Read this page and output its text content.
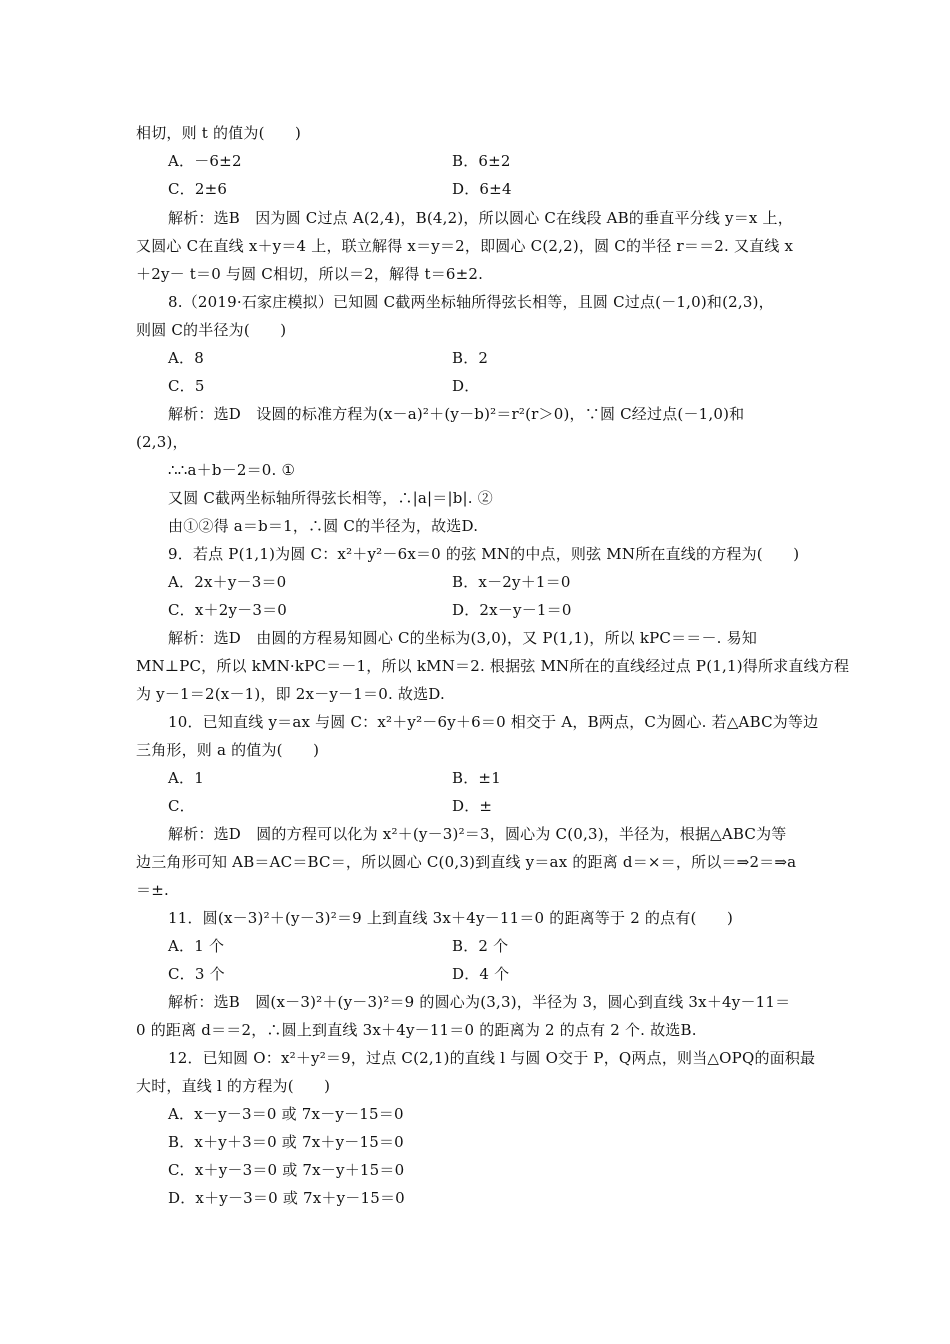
相切，则 t 的值为(　　)
A．－6±2	B．6±2
C．2±6	D．6±4
解析：选B　因为圆 C过点 A(2,4)，B(4,2)，所以圆心 C在线段 AB的垂直平分线 y＝x 上，
又圆心 C在直线 x＋y＝4 上，联立解得 x＝y＝2，即圆心 C(2,2)，圆 C的半径 r＝＝2. 又直线 x
＋2y－ t＝0 与圆 C相切，所以＝2，解得 t＝6±2.
8.（2019·石家庄模拟）已知圆 C截两坐标轴所得弦长相等，且圆 C过点(－1,0)和(2,3)，
则圆 C的半径为(　　)
A．8	B．2
C．5	D．
解析：选D　设圆的标准方程为(x－a)²＋(y－b)²＝r²(r＞0)，∵圆 C经过点(－1,0)和
(2,3)，
∴∴a＋b－2＝0. ①
又圆 C截两坐标轴所得弦长相等，∴|a|＝|b|. ②
由①②得 a＝b＝1，∴圆 C的半径为，故选D.
9．若点 P(1,1)为圆 C：x²＋y²－6x＝0 的弦 MN的中点，则弦 MN所在直线的方程为(　　)
A．2x＋y－3＝0	B．x－2y＋1＝0
C．x＋2y－3＝0	D．2x－y－1＝0
解析：选D　由圆的方程易知圆心 C的坐标为(3,0)，又 P(1,1)，所以 kPC＝＝－. 易知
MN⊥PC，所以 kMN·kPC＝－1，所以 kMN＝2. 根据弦 MN所在的直线经过点 P(1,1)得所求直线方程
为 y－1＝2(x－1)，即 2x－y－1＝0. 故选D.
10．已知直线 y＝ax 与圆 C：x²＋y²－6y＋6＝0 相交于 A，B两点，C为圆心. 若△ABC为等边
三角形，则 a 的值为(　　)
A．1	B．±1
C．	D．±
解析：选D　圆的方程可以化为 x²＋(y－3)²＝3，圆心为 C(0,3)，半径为，根据△ABC为等
边三角形可知 AB＝AC＝BC＝，所以圆心 C(0,3)到直线 y＝ax 的距离 d＝×＝，所以＝⇒2＝⇒a
＝±.
11．圆(x－3)²＋(y－3)²＝9 上到直线 3x＋4y－11＝0 的距离等于 2 的点有(　　)
A．1 个	B．2 个
C．3 个	D．4 个
解析：选B　圆(x－3)²＋(y－3)²＝9 的圆心为(3,3)，半径为 3，圆心到直线 3x＋4y－11＝
0 的距离 d＝＝2，∴圆上到直线 3x＋4y－11＝0 的距离为 2 的点有 2 个. 故选B.
12．已知圆 O：x²＋y²＝9，过点 C(2,1)的直线 l 与圆 O交于 P，Q两点，则当△OPQ的面积最
大时，直线 l 的方程为(　　)
A．x－y－3＝0 或 7x－y－15＝0
B．x＋y＋3＝0 或 7x＋y－15＝0
C．x＋y－3＝0 或 7x－y＋15＝0
D．x＋y－3＝0 或 7x＋y－15＝0
